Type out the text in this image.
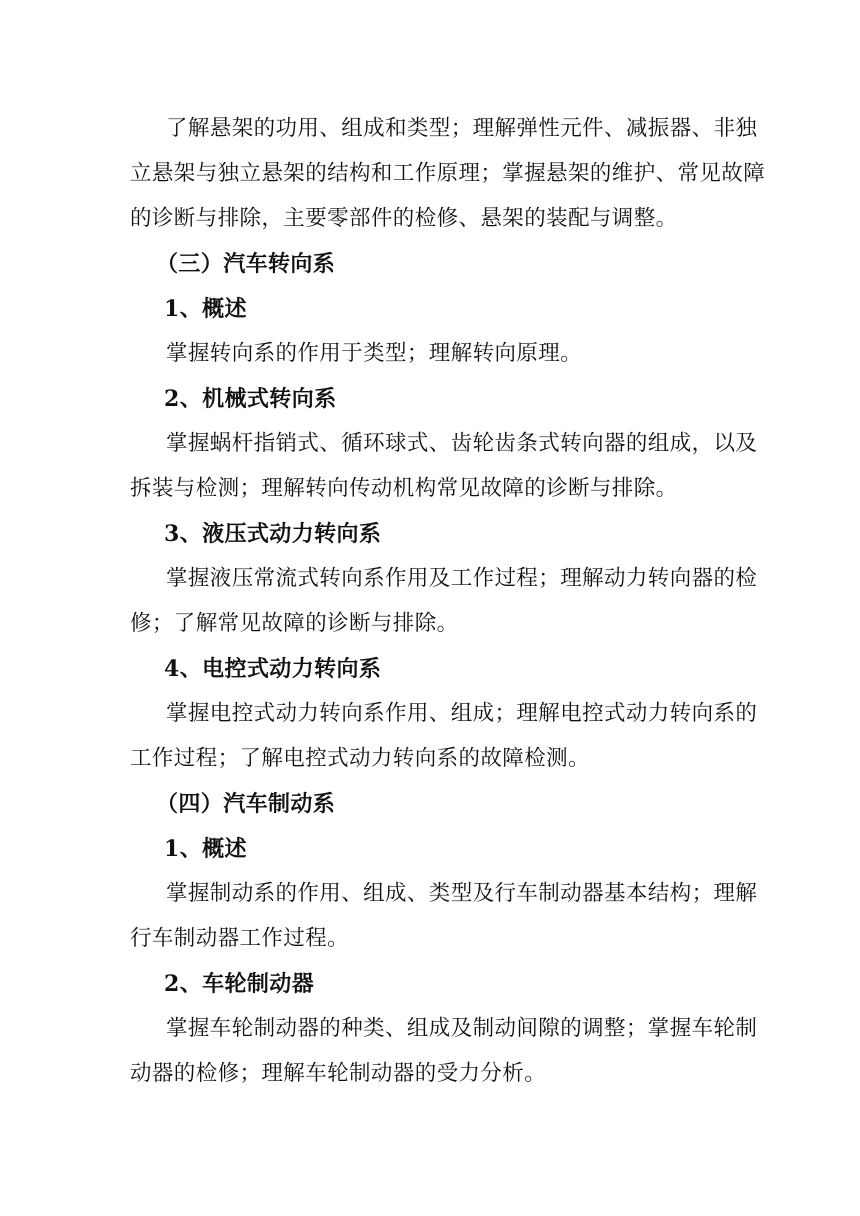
了解悬架的功用、组成和类型；理解弹性元件、减振器、非独
立悬架与独立悬架的结构和工作原理；掌握悬架的维护、常见故障
的诊断与排除，主要零部件的检修、悬架的装配与调整。
（三）汽车转向系
1、概述
掌握转向系的作用于类型；理解转向原理。
2、机械式转向系
掌握蜗杆指销式、循环球式、齿轮齿条式转向器的组成，以及
拆装与检测；理解转向传动机构常见故障的诊断与排除。
3、液压式动力转向系
掌握液压常流式转向系作用及工作过程；理解动力转向器的检
修；了解常见故障的诊断与排除。
4、电控式动力转向系
掌握电控式动力转向系作用、组成；理解电控式动力转向系的
工作过程；了解电控式动力转向系的故障检测。
（四）汽车制动系
1、概述
掌握制动系的作用、组成、类型及行车制动器基本结构；理解
行车制动器工作过程。
2、车轮制动器
掌握车轮制动器的种类、组成及制动间隙的调整；掌握车轮制
动器的检修；理解车轮制动器的受力分析。
